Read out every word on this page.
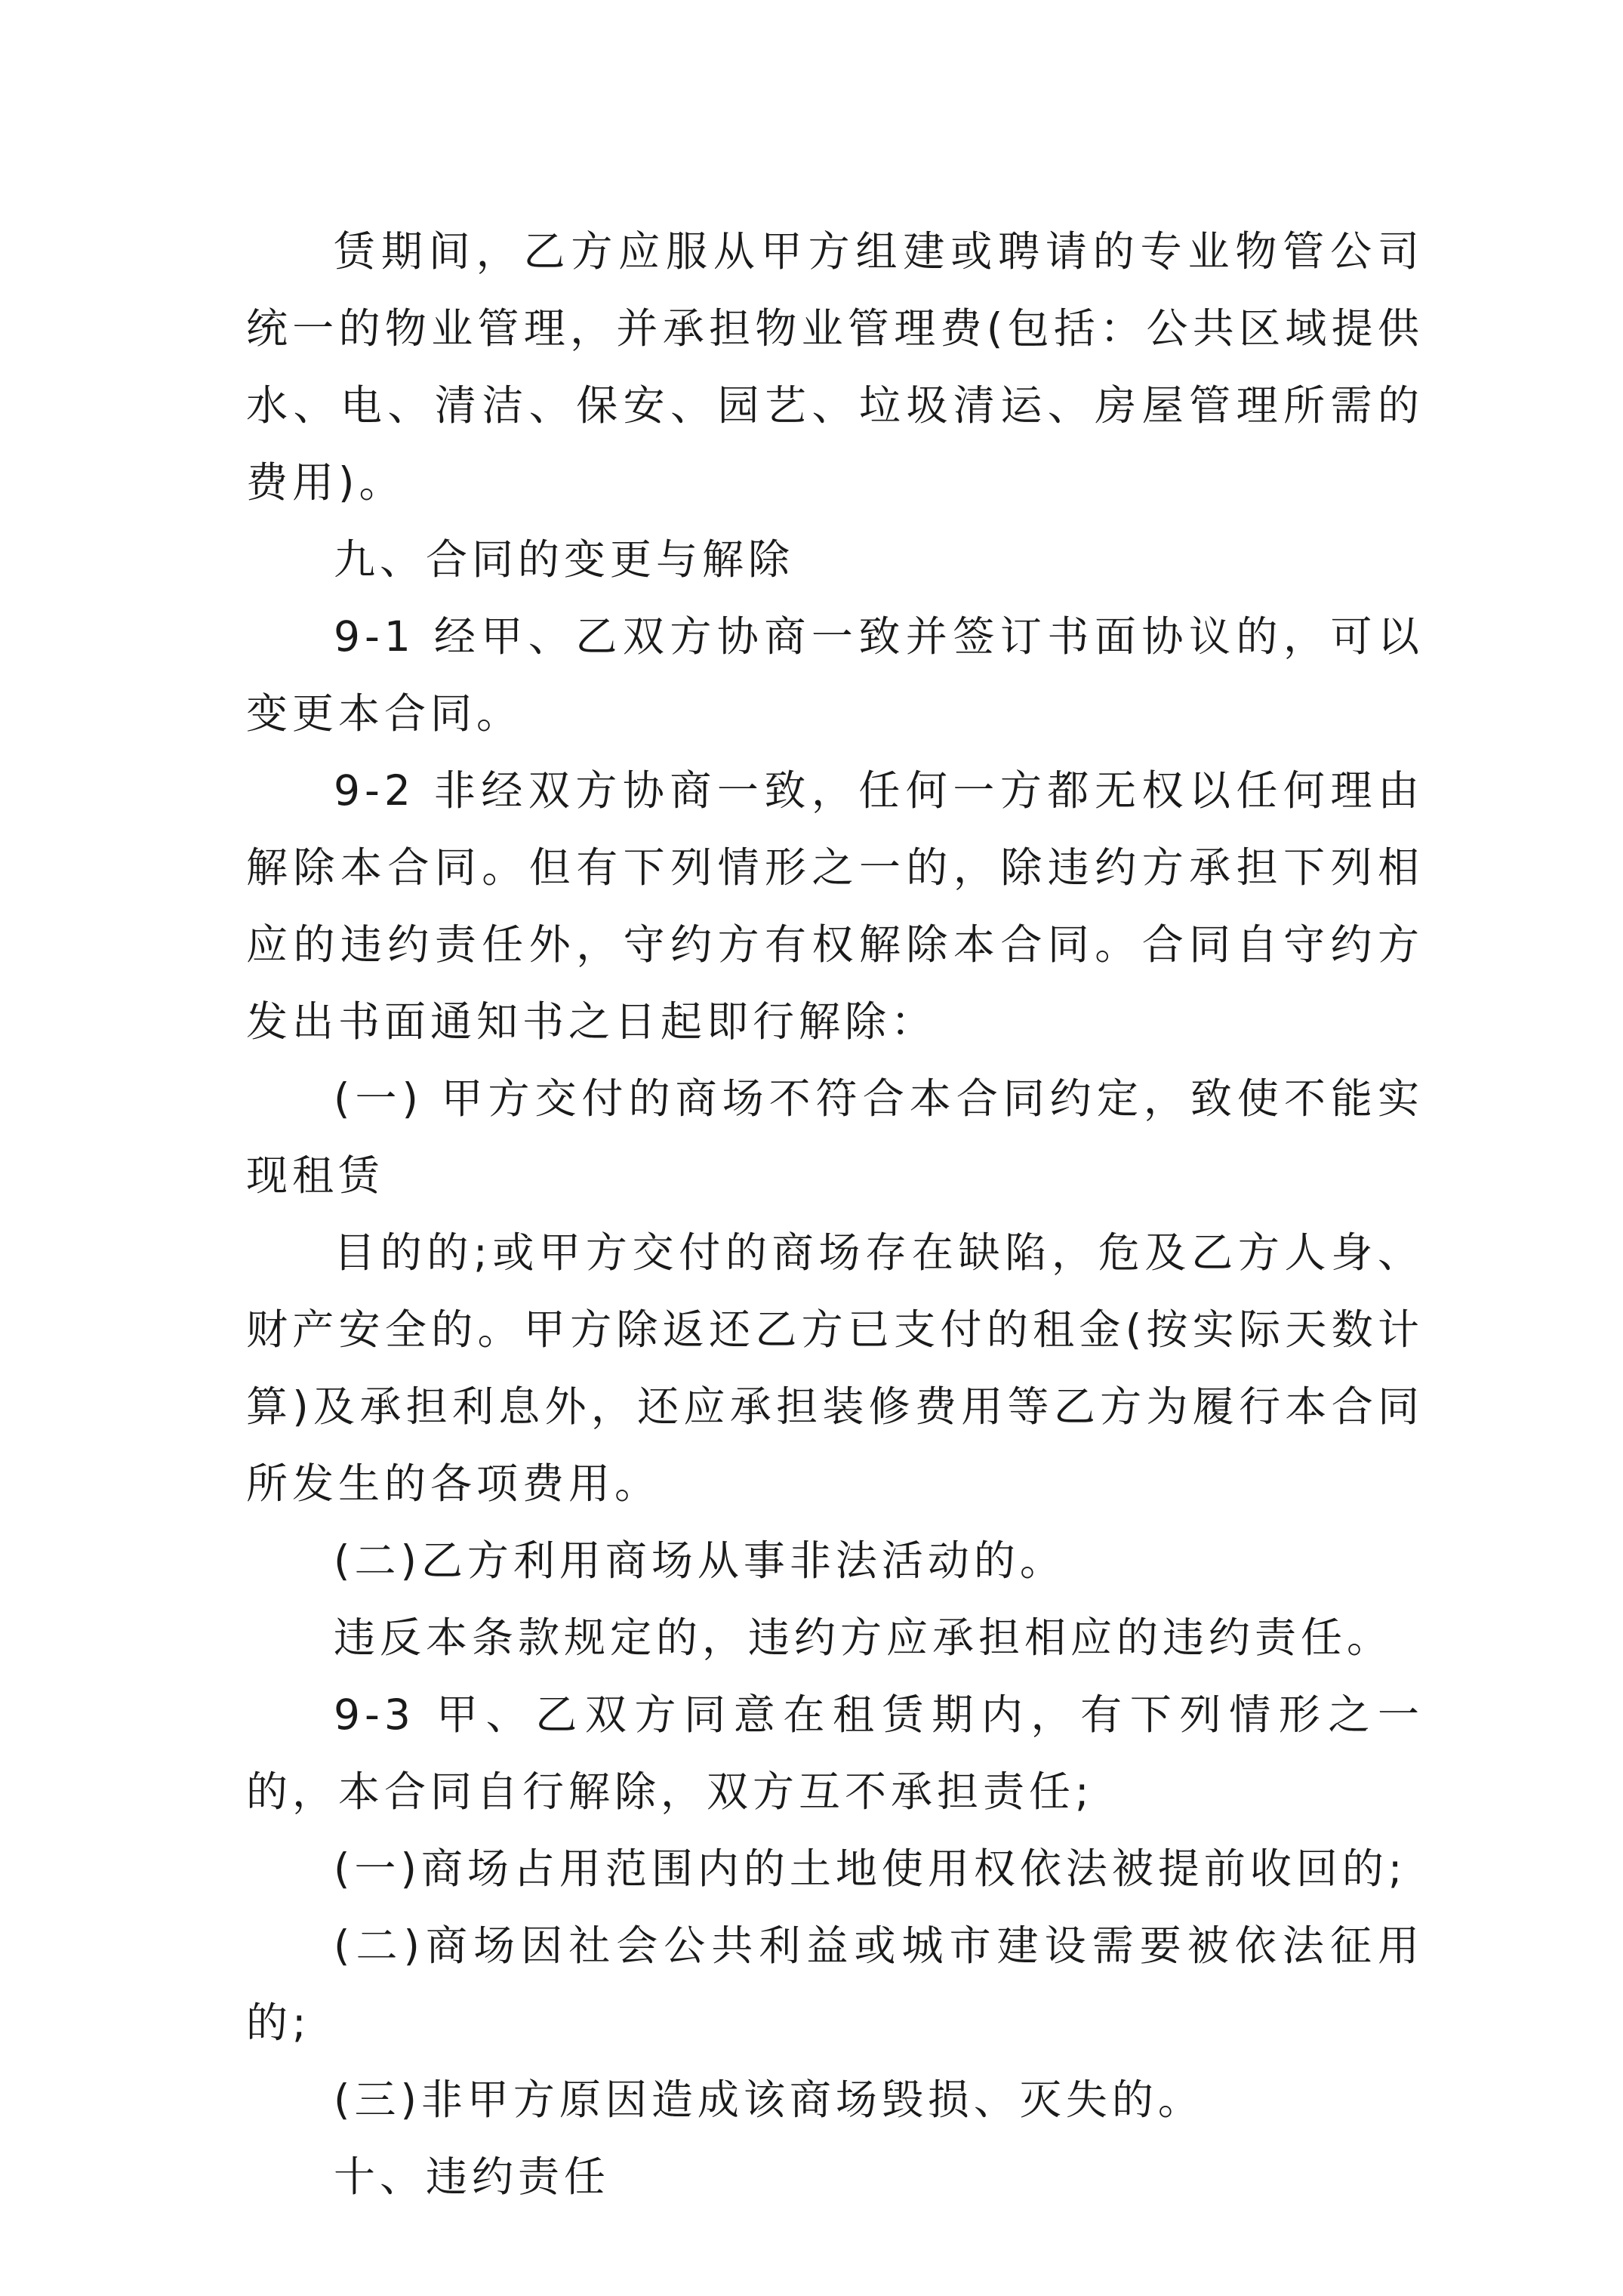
赁期间，乙方应服从甲方组建或聘请的专业物管公司统一的物业管理，并承担物业管理费(包括：公共区域提供水、电、清洁、保安、园艺、垃圾清运、房屋管理所需的费用)。

九、合同的变更与解除

9-1 经甲、乙双方协商一致并签订书面协议的，可以变更本合同。

9-2 非经双方协商一致，任何一方都无权以任何理由解除本合同。但有下列情形之一的，除违约方承担下列相应的违约责任外，守约方有权解除本合同。合同自守约方发出书面通知书之日起即行解除：

(一) 甲方交付的商场不符合本合同约定，致使不能实现租赁

目的的;或甲方交付的商场存在缺陷，危及乙方人身、财产安全的。甲方除返还乙方已支付的租金(按实际天数计算)及承担利息外，还应承担装修费用等乙方为履行本合同所发生的各项费用。

(二)乙方利用商场从事非法活动的。

违反本条款规定的，违约方应承担相应的违约责任。

9-3 甲、乙双方同意在租赁期内，有下列情形之一的，本合同自行解除，双方互不承担责任;

(一)商场占用范围内的土地使用权依法被提前收回的;

(二)商场因社会公共利益或城市建设需要被依法征用的;

(三)非甲方原因造成该商场毁损、灭失的。

十、违约责任
